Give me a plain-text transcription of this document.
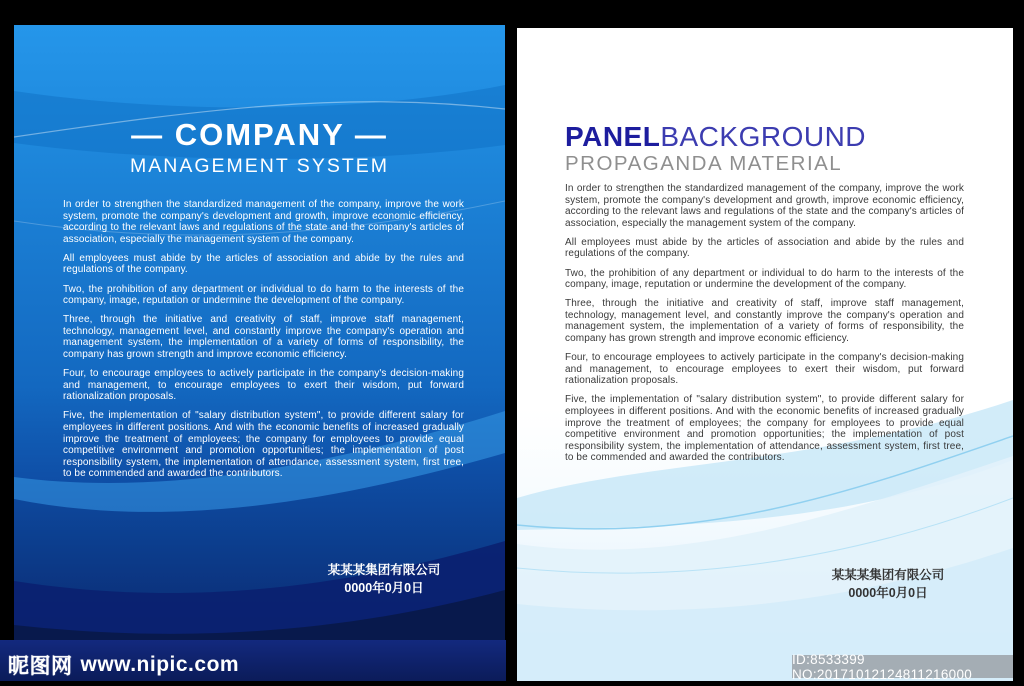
— COMPANY —
MANAGEMENT SYSTEM

In order to strengthen the standardized management of the company, improve the work system, promote the company's development and growth, improve economic efficiency, according to the relevant laws and regulations of the state and the company's articles of association, especially the management system of the company.

All employees must abide by the articles of association and abide by the rules and regulations of the company.

Two, the prohibition of any department or individual to do harm to the interests of the company, image, reputation or undermine the development of the company.

Three, through the initiative and creativity of staff, improve staff management, technology, management level, and constantly improve the company's operation and management system, the implementation of a variety of forms of responsibility, the company has grown strength and improve economic efficiency.

Four, to encourage employees to actively participate in the company's decision-making and management, to encourage employees to exert their wisdom, put forward rationalization proposals.

Five, the implementation of "salary distribution system", to provide different salary for employees in different positions. And with the economic benefits of increased gradually improve the treatment of employees; the company for employees to provide equal competitive environment and promotion opportunities; the implementation of post responsibility system, the implementation of attendance, assessment system, first tree, to be commended and awarded the contributors.

某某某集团有限公司
0000年0月0日
PANELBACKGROUND
PROPAGANDA MATERIAL

In order to strengthen the standardized management of the company, improve the work system, promote the company's development and growth, improve economic efficiency, according to the relevant laws and regulations of the state and the company's articles of association, especially the management system of the company.

All employees must abide by the articles of association and abide by the rules and regulations of the company.

Two, the prohibition of any department or individual to do harm to the interests of the company, image, reputation or undermine the development of the company.

Three, through the initiative and creativity of staff, improve staff management, technology, management level, and constantly improve the company's operation and management system, the implementation of a variety of forms of responsibility, the company has grown strength and improve economic efficiency.

Four, to encourage employees to actively participate in the company's decision-making and management, to encourage employees to exert their wisdom, put forward rationalization proposals.

Five, the implementation of "salary distribution system", to provide different salary for employees in different positions. And with the economic benefits of increased gradually improve the treatment of employees; the company for employees to provide equal competitive environment and promotion opportunities; the implementation of post responsibility system, the implementation of attendance, assessment system, first tree, to be commended and awarded the contributors.

某某某集团有限公司
0000年0月0日
ID:8533399 NO:20171012124811216000
昵图网 www.nipic.com
